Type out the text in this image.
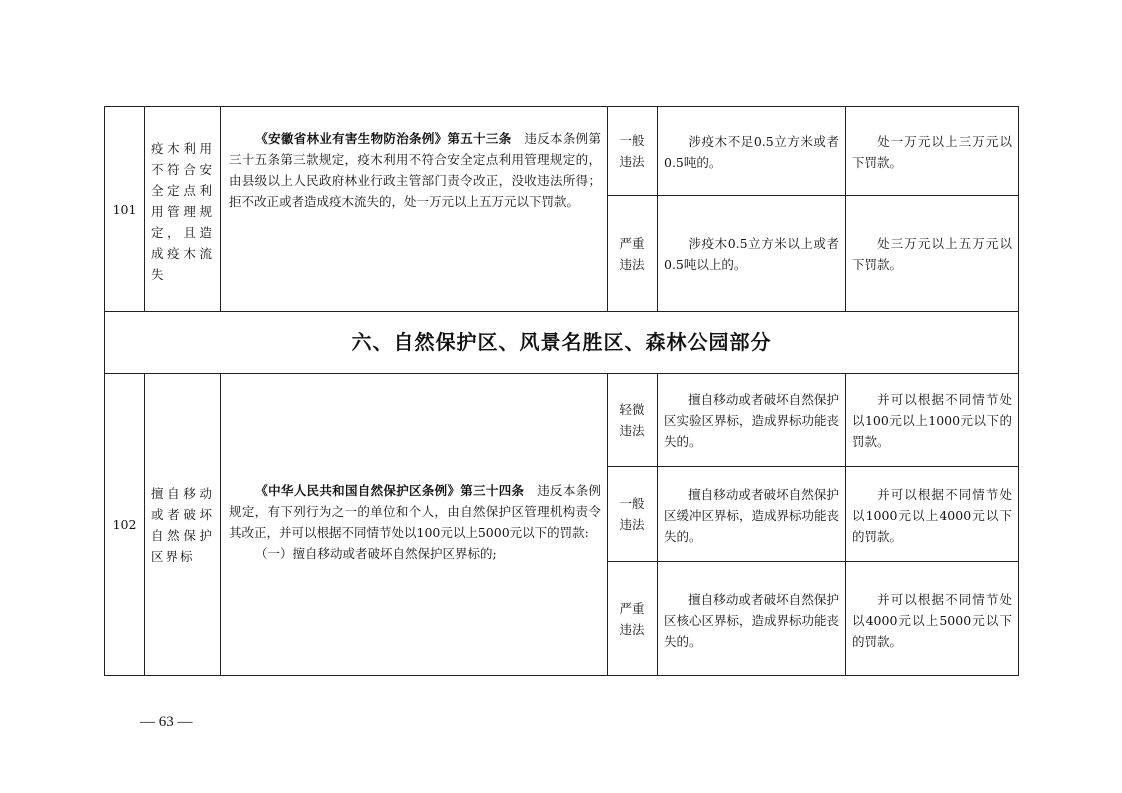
101
疫木利用不符合安全定点利用管理规定，且造成疫木流失
《安徽省林业有害生物防治条例》第五十三条 违反本条例第三十五条第三款规定，疫木利用不符合安全定点利用管理规定的，由县级以上人民政府林业行政主管部门责令改正，没收违法所得；拒不改正或者造成疫木流失的，处一万元以上五万元以下罚款。
一般违法
涉疫木不足0.5立方米或者0.5吨的。
处一万元以上三万元以下罚款。
严重违法
涉疫木0.5立方米以上或者0.5吨以上的。
处三万元以上五万元以下罚款。
六、自然保护区、风景名胜区、森林公园部分
102
擅自移动或者破坏自然保护区界标
《中华人民共和国自然保护区条例》第三十四条 违反本条例规定，有下列行为之一的单位和个人，由自然保护区管理机构责令其改正，并可以根据不同情节处以100元以上5000元以下的罚款:
（一）擅自移动或者破坏自然保护区界标的;
轻微违法
擅自移动或者破坏自然保护区实验区界标，造成界标功能丧失的。
并可以根据不同情节处以100元以上1000元以下的罚款。
一般违法
擅自移动或者破坏自然保护区缓冲区界标，造成界标功能丧失的。
并可以根据不同情节处以1000元以上4000元以下的罚款。
严重违法
擅自移动或者破坏自然保护区核心区界标，造成界标功能丧失的。
并可以根据不同情节处以4000元以上5000元以下的罚款。
— 63 —
